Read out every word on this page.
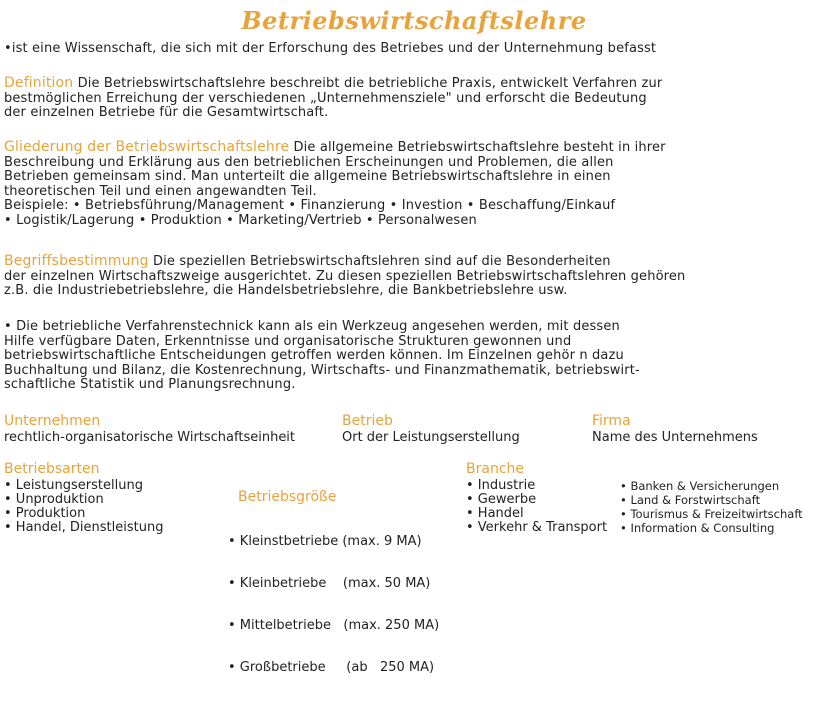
Betriebswirtschaftslehre
•ist eine Wissenschaft, die sich mit der Erforschung des Betriebes und der Unternehmung befasst
Definition Die Betriebswirtschaftslehre beschreibt die betriebliche Praxis, entwickelt Verfahren zur
bestmöglichen Erreichung der verschiedenen „Unternehmensziele" und erforscht die Bedeutung
der einzelnen Betriebe für die Gesamtwirtschaft.
Gliederung der Betriebswirtschaftslehre Die allgemeine Betriebswirtschaftslehre besteht in ihrer
Beschreibung und Erklärung aus den betrieblichen Erscheinungen und Problemen, die allen
Betrieben gemeinsam sind. Man unterteilt die allgemeine Betriebswirtschaftslehre in einen
theoretischen Teil und einen angewandten Teil.
Beispiele: • Betriebsführung/Management • Finanzierung • Investion • Beschaffung/Einkauf
• Logistik/Lagerung • Produktion • Marketing/Vertrieb • Personalwesen
Begriffsbestimmung Die speziellen Betriebswirtschaftslehren sind auf die Besonderheiten
der einzelnen Wirtschaftszweige ausgerichtet. Zu diesen speziellen Betriebswirtschaftslehren gehören
z.B. die Industriebetriebslehre, die Handelsbetriebslehre, die Bankbetriebslehre usw.
• Die betriebliche Verfahrenstechnick kann als ein Werkzeug angesehen werden, mit dessen
Hilfe verfügbare Daten, Erkenntnisse und organisatorische Strukturen gewonnen und
betriebswirtschaftliche Entscheidungen getroffen werden können. Im Einzelnen gehör n dazu
Buchhaltung und Bilanz, die Kostenrechnung, Wirtschafts- und Finanzmathematik, betriebswirt-
schaftliche Statistik und Planungsrechnung.
Unternehmen
rechtlich-organisatorische Wirtschaftseinheit
Betrieb
Ort der Leistungserstellung
Firma
Name des Unternehmens
Betriebsarten
• Leistungserstellung
• Unproduktion
• Produktion
• Handel, Dienstleistung

Betriebsgröße

• Kleinstbetriebe (max. 9 MA)

• Kleinbetriebe    (max. 50 MA)

• Mittelbetriebe   (max. 250 MA)

• Großbetriebe     (ab   250 MA)

Branche
• Industrie
• Gewerbe
• Handel
• Verkehr & Transport
• Banken & Versicherungen
• Land & Forstwirtschaft
• Tourismus & Freizeitwirtschaft
• Information & Consulting
